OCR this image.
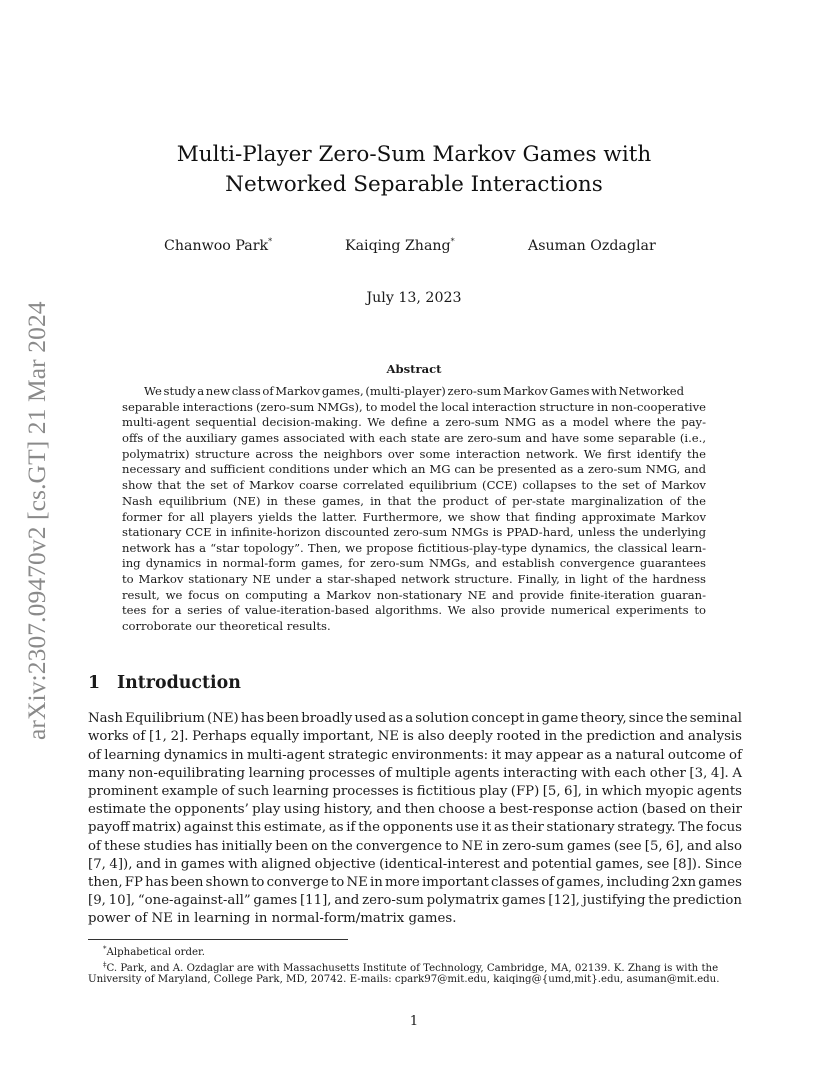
arXiv:2307.09470v2 [cs.GT] 21 Mar 2024
Multi-Player Zero-Sum Markov Games with
Networked Separable Interactions
Chanwoo Park*	Kaiqing Zhang*	Asuman Ozdaglar
July 13, 2023
Abstract

We study a new class of Markov games, (multi-player) zero-sum Markov Games with Networked

separable interactions (zero-sum NMGs), to model the local interaction structure in non-cooperative

multi-agent sequential decision-making. We define a zero-sum NMG as a model where the pay-

offs of the auxiliary games associated with each state are zero-sum and have some separable (i.e.,

polymatrix) structure across the neighbors over some interaction network. We first identify the

necessary and sufficient conditions under which an MG can be presented as a zero-sum NMG, and

show that the set of Markov coarse correlated equilibrium (CCE) collapses to the set of Markov

Nash equilibrium (NE) in these games, in that the product of per-state marginalization of the

former for all players yields the latter. Furthermore, we show that finding approximate Markov

stationary CCE in infinite-horizon discounted zero-sum NMGs is PPAD-hard, unless the underlying

network has a “star topology”. Then, we propose fictitious-play-type dynamics, the classical learn-

ing dynamics in normal-form games, for zero-sum NMGs, and establish convergence guarantees

to Markov stationary NE under a star-shaped network structure. Finally, in light of the hardness

result, we focus on computing a Markov non-stationary NE and provide finite-iteration guaran-

tees for a series of value-iteration-based algorithms. We also provide numerical experiments to

corroborate our theoretical results.

1 Introduction

Nash Equilibrium (NE) has been broadly used as a solution concept in game theory, since the seminal

works of [1, 2]. Perhaps equally important, NE is also deeply rooted in the prediction and analysis

of learning dynamics in multi-agent strategic environments: it may appear as a natural outcome of

many non-equilibrating learning processes of multiple agents interacting with each other [3, 4]. A

prominent example of such learning processes is fictitious play (FP) [5, 6], in which myopic agents

estimate the opponents’ play using history, and then choose a best-response action (based on their

payoff matrix) against this estimate, as if the opponents use it as their stationary strategy. The focus

of these studies has initially been on the convergence to NE in zero-sum games (see [5, 6], and also

[7, 4]), and in games with aligned objective (identical-interest and potential games, see [8]). Since

then, FP has been shown to converge to NE in more important classes of games, including 2xn games

[9, 10], “one-against-all” games [11], and zero-sum polymatrix games [12], justifying the prediction

power of NE in learning in normal-form/matrix games.

*Alphabetical order.

‡C. Park, and A. Ozdaglar are with Massachusetts Institute of Technology, Cambridge, MA, 02139. K. Zhang is with the

University of Maryland, College Park, MD, 20742. E-mails: cpark97@mit.edu, kaiqing@{umd,mit}.edu, asuman@mit.edu.

1
